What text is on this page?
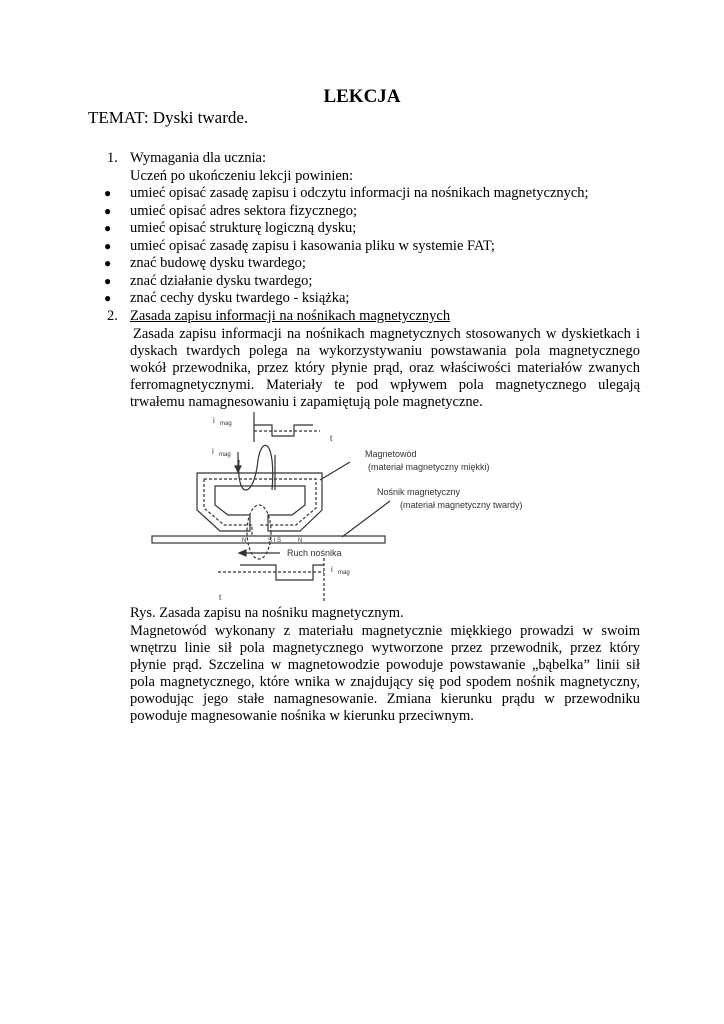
LEKCJA
TEMAT: Dyski twarde.
1. Wymagania dla ucznia:
Uczeń po ukończeniu lekcji powinien:
● umieć opisać zasadę zapisu i odczytu informacji na nośnikach magnetycznych;
● umieć opisać adres sektora fizycznego;
● umieć opisać strukturę logiczną dysku;
● umieć opisać zasadę zapisu i kasowania pliku w systemie FAT;
● znać budowę dysku twardego;
● znać działanie dysku twardego;
● znać cechy dysku twardego - książka;
2. Zasada zapisu informacji na nośnikach magnetycznych
Zasada zapisu informacji na nośnikach magnetycznych stosowanych w dyskietkach i dyskach twardych polega na wykorzystywaniu powstawania pola magnetycznego wokół przewodnika, przez który płynie prąd, oraz właściwości materiałów zwanych ferromagnetycznymi. Materiały te pod wpływem pola magnetycznego ulegają trwałemu namagnesowaniu i zapamiętują pole magnetyczne.
i mag
t
i mag	Magnetowód
(materiał magnetyczny miękki)
Nośnik magnetyczny
(materiał magnetyczny twardy)
N	S I S	N
Ruch nośnika
i mag
t
Rys. Zasada zapisu na nośniku magnetycznym.
Magnetowód wykonany z materiału magnetycznie miękkiego prowadzi w swoim wnętrzu linie sił pola magnetycznego wytworzone przez przewodnik, przez który płynie prąd. Szczelina w magnetowodzie powoduje powstawanie „bąbelka” linii sił pola magnetycznego, które wnika w znajdujący się pod spodem nośnik magnetyczny, powodując jego stałe namagnesowanie. Zmiana kierunku prądu w przewodniku powoduje magnesowanie nośnika w kierunku przeciwnym.
